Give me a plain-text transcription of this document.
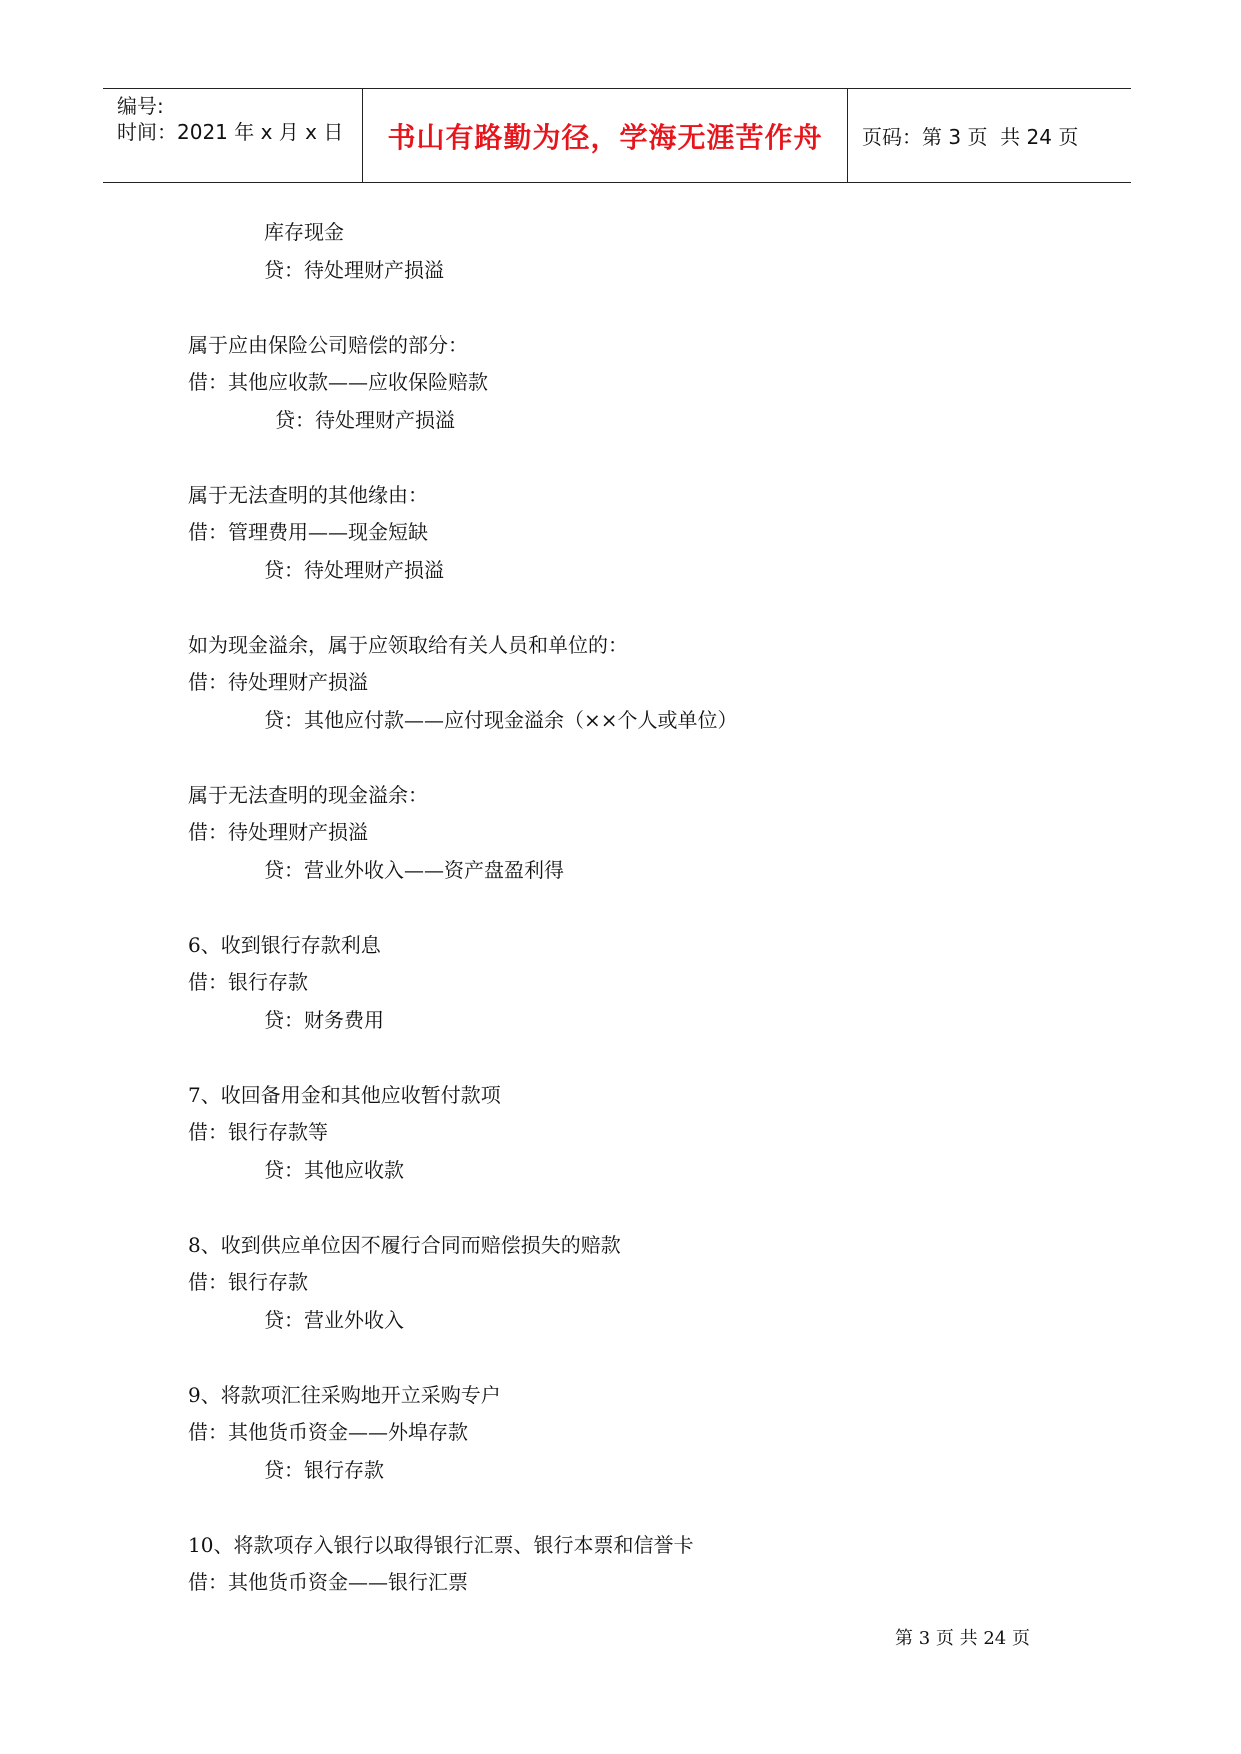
编号:
时间：2021 年 x 月 x 日	书山有路勤为径，学海无涯苦作舟	页码：第 3 页  共 24 页
库存现金
贷：待处理财产损溢
属于应由保险公司赔偿的部分：
借：其他应收款——应收保险赔款
贷：待处理财产损溢
属于无法查明的其他缘由：
借：管理费用——现金短缺
贷：待处理财产损溢
如为现金溢余，属于应领取给有关人员和单位的：
借：待处理财产损溢
贷：其他应付款——应付现金溢余（××个人或单位）
属于无法查明的现金溢余：
借：待处理财产损溢
贷：营业外收入——资产盘盈利得
6、收到银行存款利息
借：银行存款
贷：财务费用
7、收回备用金和其他应收暂付款项
借：银行存款等
贷：其他应收款
8、收到供应单位因不履行合同而赔偿损失的赔款
借：银行存款
贷：营业外收入
9、将款项汇往采购地开立采购专户
借：其他货币资金——外埠存款
贷：银行存款
10、将款项存入银行以取得银行汇票、银行本票和信誉卡
借：其他货币资金——银行汇票
第 3 页 共 24 页
